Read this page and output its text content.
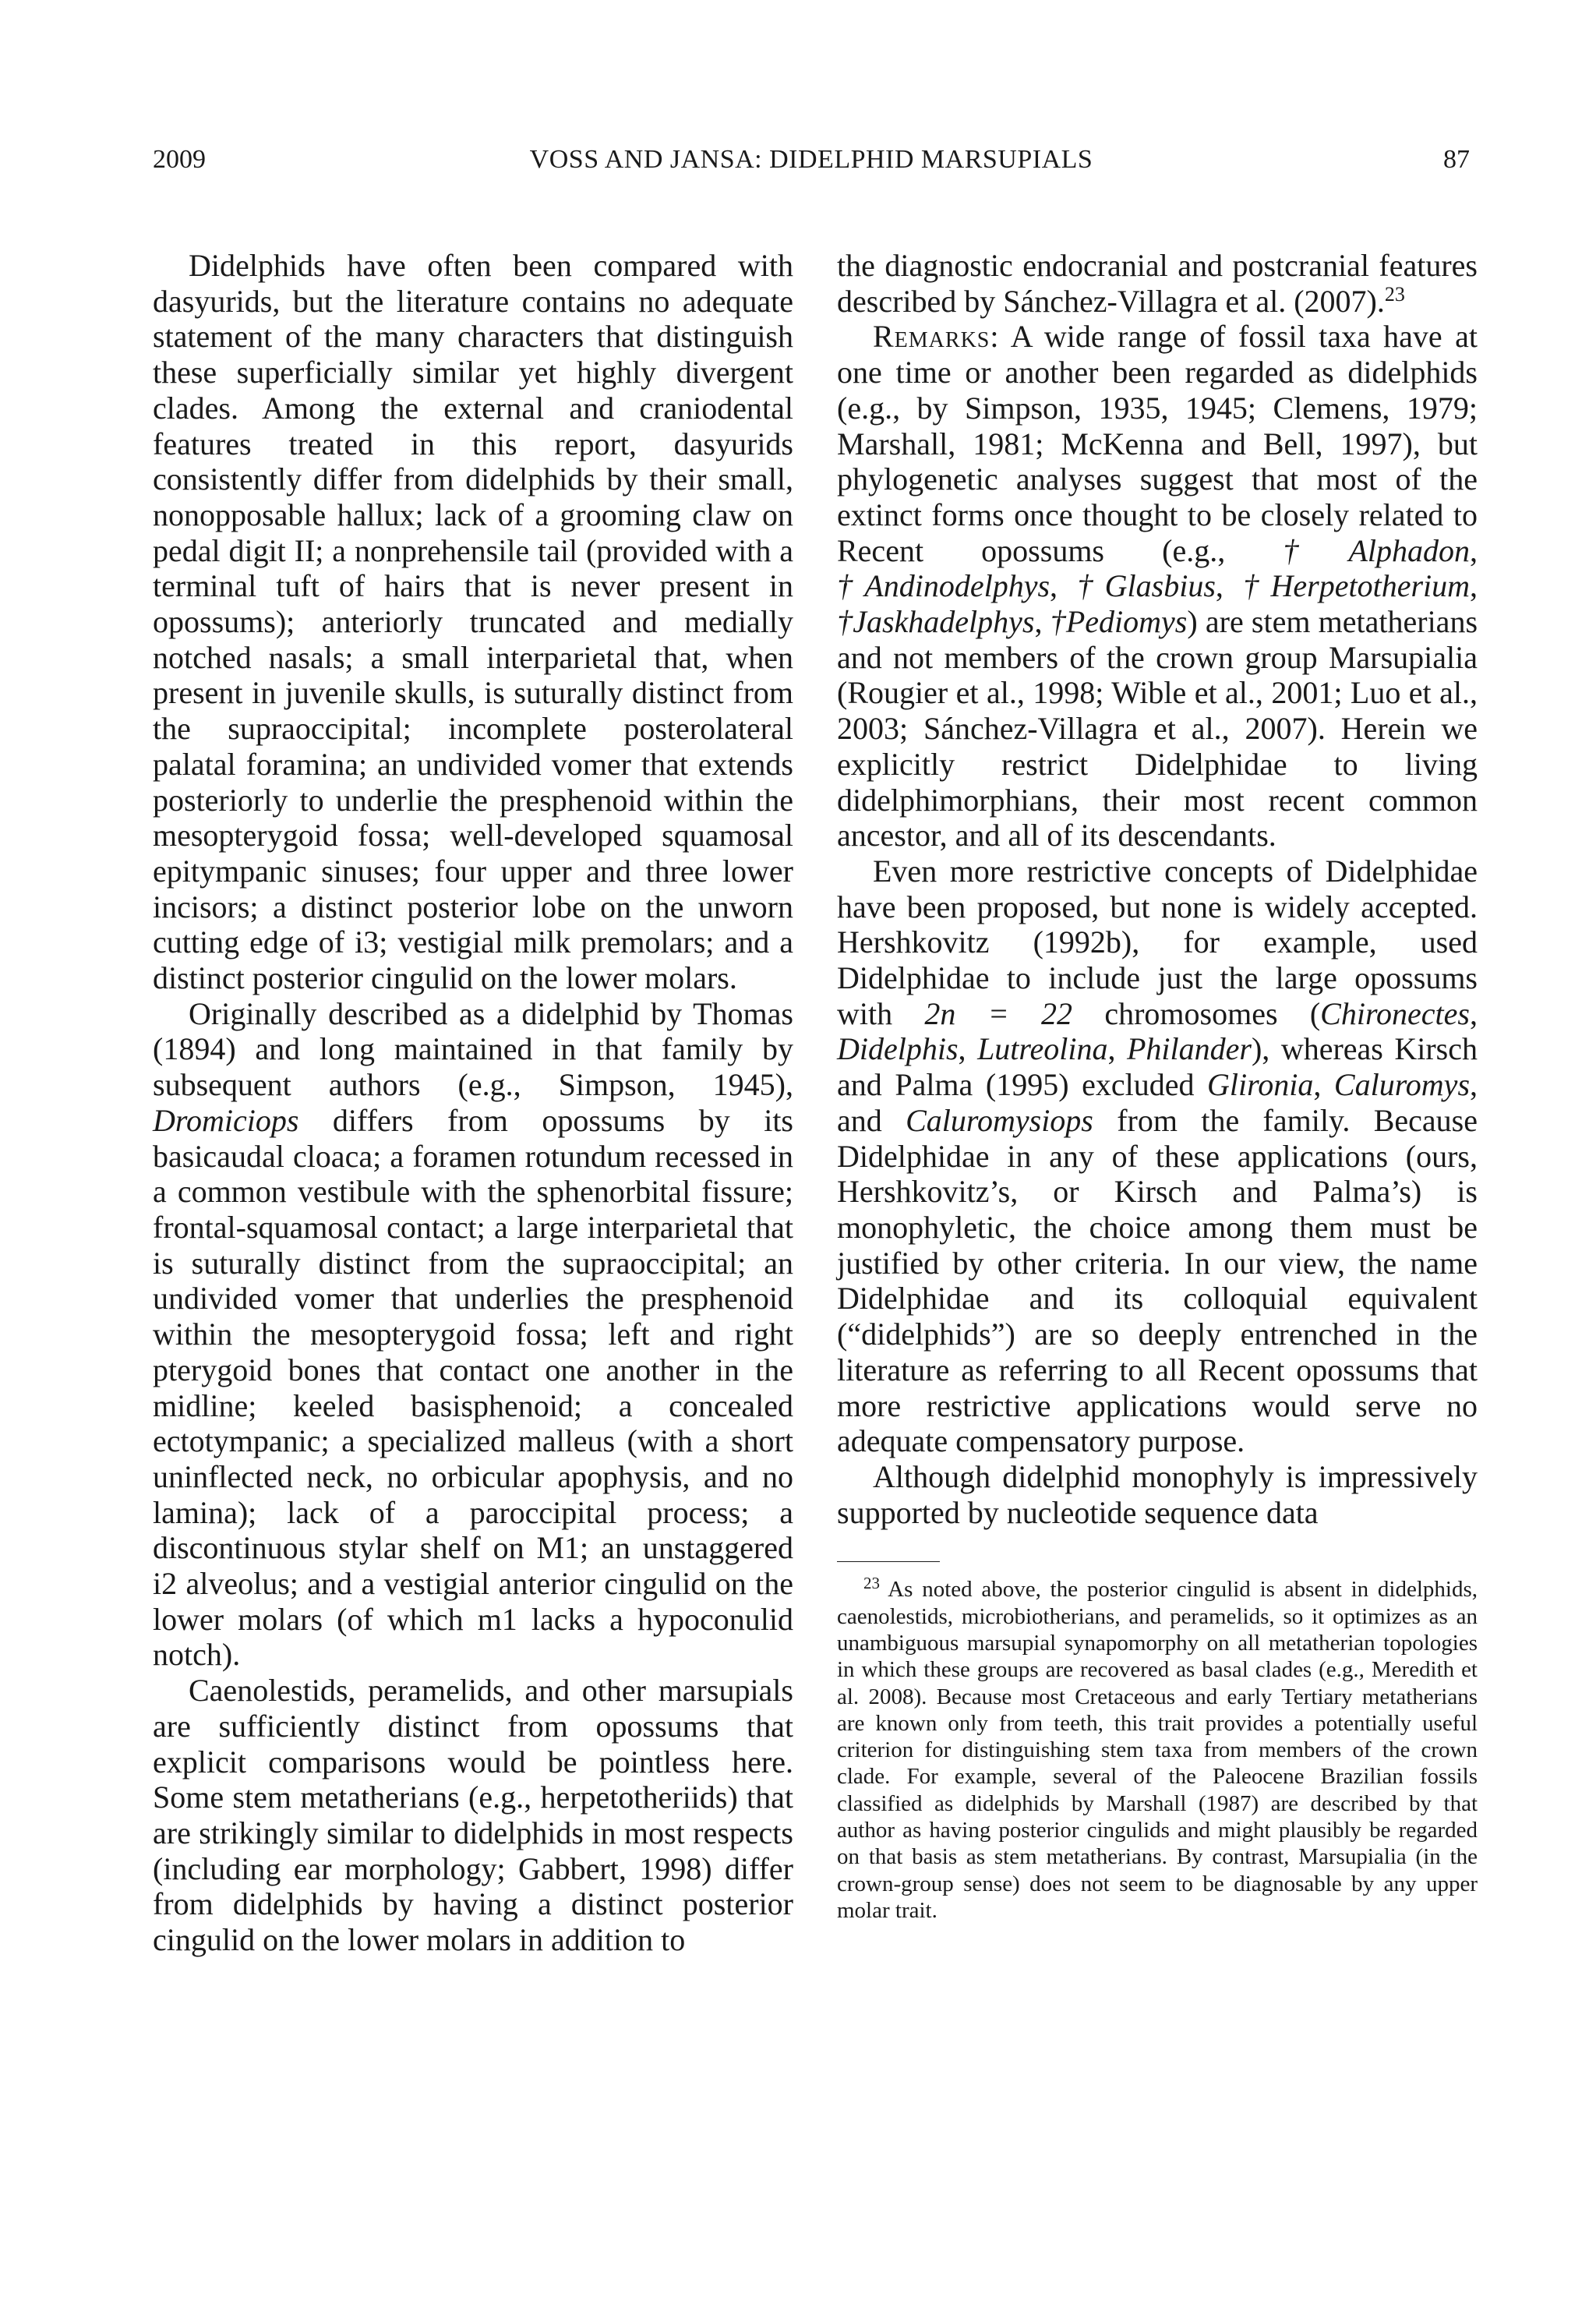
2009	VOSS AND JANSA: DIDELPHID MARSUPIALS	87

Didelphids have often been compared with dasyurids, but the literature contains no adequate statement of the many characters that distinguish these superficially similar yet highly divergent clades. Among the external and craniodental features treated in this report, dasyurids consistently differ from didelphids by their small, nonopposable hallux; lack of a grooming claw on pedal digit II; a nonprehensile tail (provided with a terminal tuft of hairs that is never present in opossums); anteriorly truncated and medially notched nasals; a small interparietal that, when present in juvenile skulls, is suturally distinct from the supraoccipital; incomplete posterolateral palatal foramina; an undivided vomer that extends posteriorly to underlie the presphenoid within the mesopterygoid fossa; well-developed squamosal epitympanic sinuses; four upper and three lower incisors; a distinct posterior lobe on the unworn cutting edge of i3; vestigial milk premolars; and a distinct posterior cingulid on the lower molars.

Originally described as a didelphid by Thomas (1894) and long maintained in that family by subsequent authors (e.g., Simpson, 1945), Dromiciops differs from opossums by its basicaudal cloaca; a foramen rotundum recessed in a common vestibule with the sphenorbital fissure; frontal-squamosal contact; a large interparietal that is suturally distinct from the supraoccipital; an undivided vomer that underlies the presphenoid within the mesopterygoid fossa; left and right pterygoid bones that contact one another in the midline; keeled basisphenoid; a concealed ectotympanic; a specialized malleus (with a short uninflected neck, no orbicular apophysis, and no lamina); lack of a paroccipital process; a discontinuous stylar shelf on M1; an unstaggered i2 alveolus; and a vestigial anterior cingulid on the lower molars (of which m1 lacks a hypoconulid notch).

Caenolestids, peramelids, and other marsupials are sufficiently distinct from opossums that explicit comparisons would be pointless here. Some stem metatherians (e.g., herpetotheriids) that are strikingly similar to didelphids in most respects (including ear morphology; Gabbert, 1998) differ from didelphids by having a distinct posterior cingulid on the lower molars in addition to

the diagnostic endocranial and postcranial features described by Sánchez-Villagra et al. (2007).$^{23}$

Remarks: A wide range of fossil taxa have at one time or another been regarded as didelphids (e.g., by Simpson, 1935, 1945; Clemens, 1979; Marshall, 1981; McKenna and Bell, 1997), but phylogenetic analyses suggest that most of the extinct forms once thought to be closely related to Recent opossums (e.g., †Alphadon, †Andinodelphys, †Glasbius, †Herpetotherium, †Jaskhadelphys, †Pediomys) are stem metatherians and not members of the crown group Marsupialia (Rougier et al., 1998; Wible et al., 2001; Luo et al., 2003; Sánchez-Villagra et al., 2007). Herein we explicitly restrict Didelphidae to living didelphimorphians, their most recent common ancestor, and all of its descendants.

Even more restrictive concepts of Didelphidae have been proposed, but none is widely accepted. Hershkovitz (1992b), for example, used Didelphidae to include just the large opossums with 2n = 22 chromosomes (Chironectes, Didelphis, Lutreolina, Philander), whereas Kirsch and Palma (1995) excluded Glironia, Caluromys, and Caluromysiops from the family. Because Didelphidae in any of these applications (ours, Hershkovitz’s, or Kirsch and Palma’s) is monophyletic, the choice among them must be justified by other criteria. In our view, the name Didelphidae and its colloquial equivalent (“didelphids”) are so deeply entrenched in the literature as referring to all Recent opossums that more restrictive applications would serve no adequate compensatory purpose.

Although didelphid monophyly is impressively supported by nucleotide sequence data

$^{23}$ As noted above, the posterior cingulid is absent in didelphids, caenolestids, microbiotherians, and peramelids, so it optimizes as an unambiguous marsupial synapomorphy on all metatherian topologies in which these groups are recovered as basal clades (e.g., Meredith et al. 2008). Because most Cretaceous and early Tertiary metatherians are known only from teeth, this trait provides a potentially useful criterion for distinguishing stem taxa from members of the crown clade. For example, several of the Paleocene Brazilian fossils classified as didelphids by Marshall (1987) are described by that author as having posterior cingulids and might plausibly be regarded on that basis as stem metatherians. By contrast, Marsupialia (in the crown-group sense) does not seem to be diagnosable by any upper molar trait.
